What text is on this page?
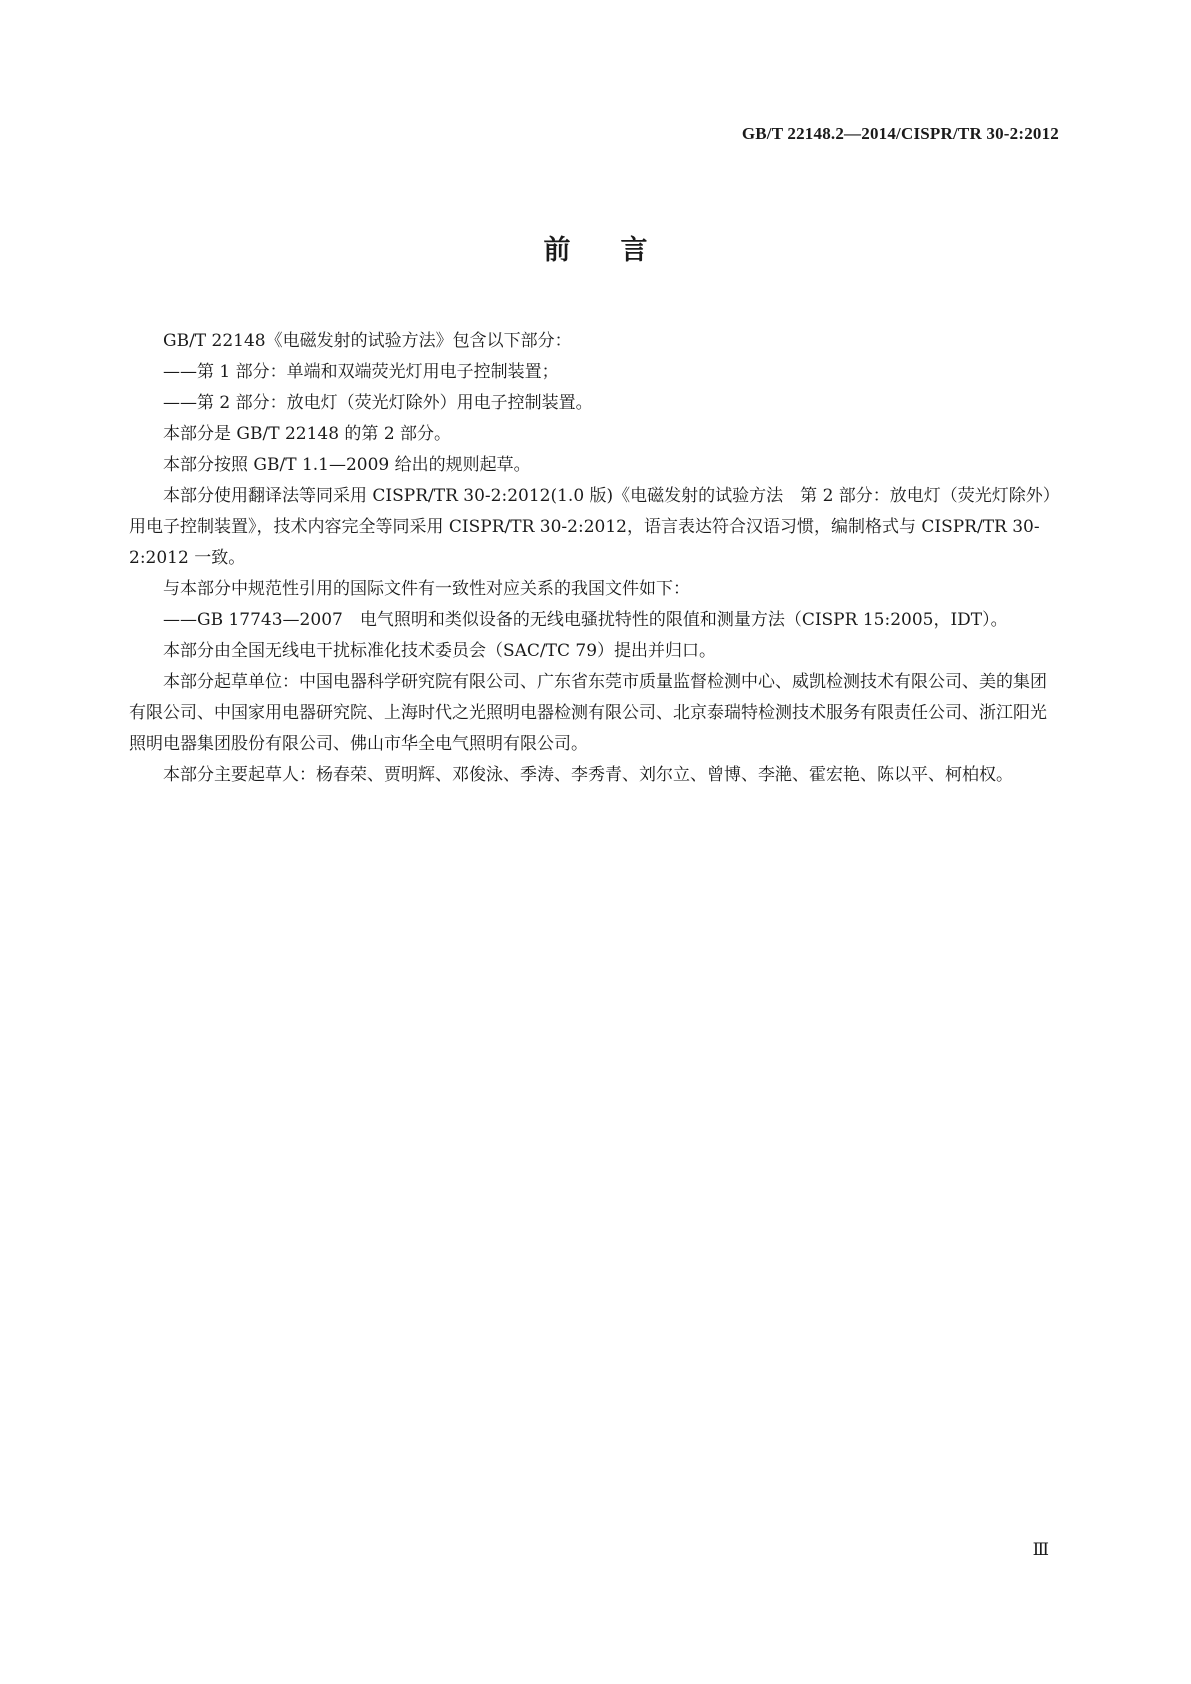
GB/T 22148.2—2014/CISPR/TR 30-2:2012
前言

GB/T 22148《电磁发射的试验方法》包含以下部分：

——第 1 部分：单端和双端荧光灯用电子控制装置；

——第 2 部分：放电灯（荧光灯除外）用电子控制装置。

本部分是 GB/T 22148 的第 2 部分。

本部分按照 GB/T 1.1—2009 给出的规则起草。

本部分使用翻译法等同采用 CISPR/TR 30-2:2012(1.0 版)《电磁发射的试验方法　第 2 部分：放电灯（荧光灯除外）用电子控制装置》，技术内容完全等同采用 CISPR/TR 30-2:2012，语言表达符合汉语习惯，编制格式与 CISPR/TR 30-2:2012 一致。

与本部分中规范性引用的国际文件有一致性对应关系的我国文件如下：

——GB 17743—2007　电气照明和类似设备的无线电骚扰特性的限值和测量方法（CISPR 15:2005，IDT）。

本部分由全国无线电干扰标准化技术委员会（SAC/TC 79）提出并归口。

本部分起草单位：中国电器科学研究院有限公司、广东省东莞市质量监督检测中心、威凯检测技术有限公司、美的集团有限公司、中国家用电器研究院、上海时代之光照明电器检测有限公司、北京泰瑞特检测技术服务有限责任公司、浙江阳光照明电器集团股份有限公司、佛山市华全电气照明有限公司。

本部分主要起草人：杨春荣、贾明辉、邓俊泳、季涛、李秀青、刘尔立、曾博、李滟、霍宏艳、陈以平、柯柏权。

Ⅲ
